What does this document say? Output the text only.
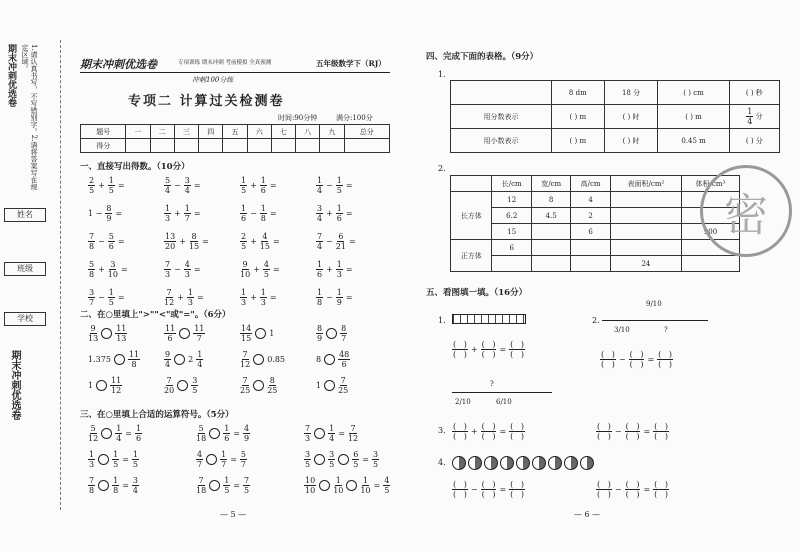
期末冲刺优选卷	1.请认真书写，不写错别字。2.请将答案写在规定区域。
姓名
班级
学校
期末冲刺优选卷
期末冲刺优选卷	专项训练 期末冲刺 考前模拟 全真预测	五年级数学下（RJ）
冲刺100分练
专项二 计算过关检测卷
时间:90分钟	满分:100分
题号	一	二	三	四	五	六	七	八	九	总分
得分										
一、直接写出得数。（10分）
$\frac{2}{5} + \frac{1}{5}$ =	$\frac{5}{4} - \frac{3}{4}$ =	$\frac{1}{5} + \frac{1}{6}$ =	$\frac{1}{4} - \frac{1}{5}$ =
$1 - \frac{8}{9}$ =	$\frac{1}{3} + \frac{1}{7}$ =	$\frac{1}{6} - \frac{1}{8}$ =	$\frac{3}{4} + \frac{1}{6}$ =
$\frac{7}{8} - \frac{5}{6}$ =	$\frac{13}{20} + \frac{8}{15}$ =	$\frac{2}{5} + \frac{4}{15}$ =	$\frac{7}{4} - \frac{6}{21}$ =
$\frac{5}{8} + \frac{3}{10}$ =	$\frac{7}{3} - \frac{4}{3}$ =	$\frac{9}{10} + \frac{4}{5}$ =	$\frac{1}{6} + \frac{1}{3}$ =
$\frac{3}{7} - \frac{1}{5}$ =	$\frac{7}{12} + \frac{1}{3}$ =	$\frac{1}{3} + \frac{1}{3}$ =	$\frac{1}{8} - \frac{1}{9}$ =
二、在○里填上">""<"或"="。（6分）
$\frac{9}{13} \frac{11}{13}$	$\frac{11}{6} \frac{11}{7}$	$\frac{14}{15} 1$	$\frac{8}{9} \frac{8}{7}$
$1.375 \frac{11}{8}$	$\frac{9}{4} 2 \frac{1}{4}$	$\frac{7}{12} 0.85$	$8 \frac{48}{6}$
$1 \frac{11}{12}$	$\frac{7}{20} \frac{3}{5}$	$\frac{7}{25} \frac{8}{25}$	$1 \frac{7}{25}$
三、在○里填上合适的运算符号。（5分）
$\frac{5}{12} \frac{1}{4} = \frac{1}{6}$	$\frac{5}{18} \frac{1}{6} = \frac{4}{9}$	$\frac{7}{3} \frac{1}{4} = \frac{7}{12}$
$\frac{1}{3} \frac{1}{5} = \frac{1}{5}$	$\frac{4}{7} \frac{1}{7} = \frac{5}{7}$	$\frac{3}{5} \frac{3}{5} \frac{6}{5} = \frac{3}{5}$
$\frac{7}{8} \frac{1}{8} = \frac{3}{4}$	$\frac{7}{18} \frac{1}{5} = \frac{7}{5}$	$\frac{10}{10} \frac{1}{10} \frac{1}{10} = \frac{4}{5}$
— 5 —
四、完成下面的表格。（9分）
1.
	8 dm	18 分	( ) cm	( ) 秒
用分数表示	( ) m	( ) 时	( ) m	$\frac{1}{4}$ 分
用小数表示	( ) m	( ) 时	0.45 m	( ) 分
2.
	长/cm	宽/cm	高/cm	表面积/cm²	体积/cm³
长方体	12	8	4		
	6.2	4.5	2		
	15		6		900
正方体	6				
				24	
密
五、看图填一填。（16分）
1.
$\frac{( )}{( )} + \frac{( )}{( )} = \frac{( )}{( )}$
2.
9/10
3/10	?
$\frac{( )}{( )} - \frac{( )}{( )} = \frac{( )}{( )}$
?
2/10	6/10
3. $\frac{( )}{( )} + \frac{( )}{( )} = \frac{( )}{( )}$	$\frac{( )}{( )} - \frac{( )}{( )} = \frac{( )}{( )}$
4.
$\frac{( )}{( )} - \frac{( )}{( )} = \frac{( )}{( )}$	$\frac{( )}{( )} - \frac{( )}{( )} = \frac{( )}{( )}$
— 6 —
